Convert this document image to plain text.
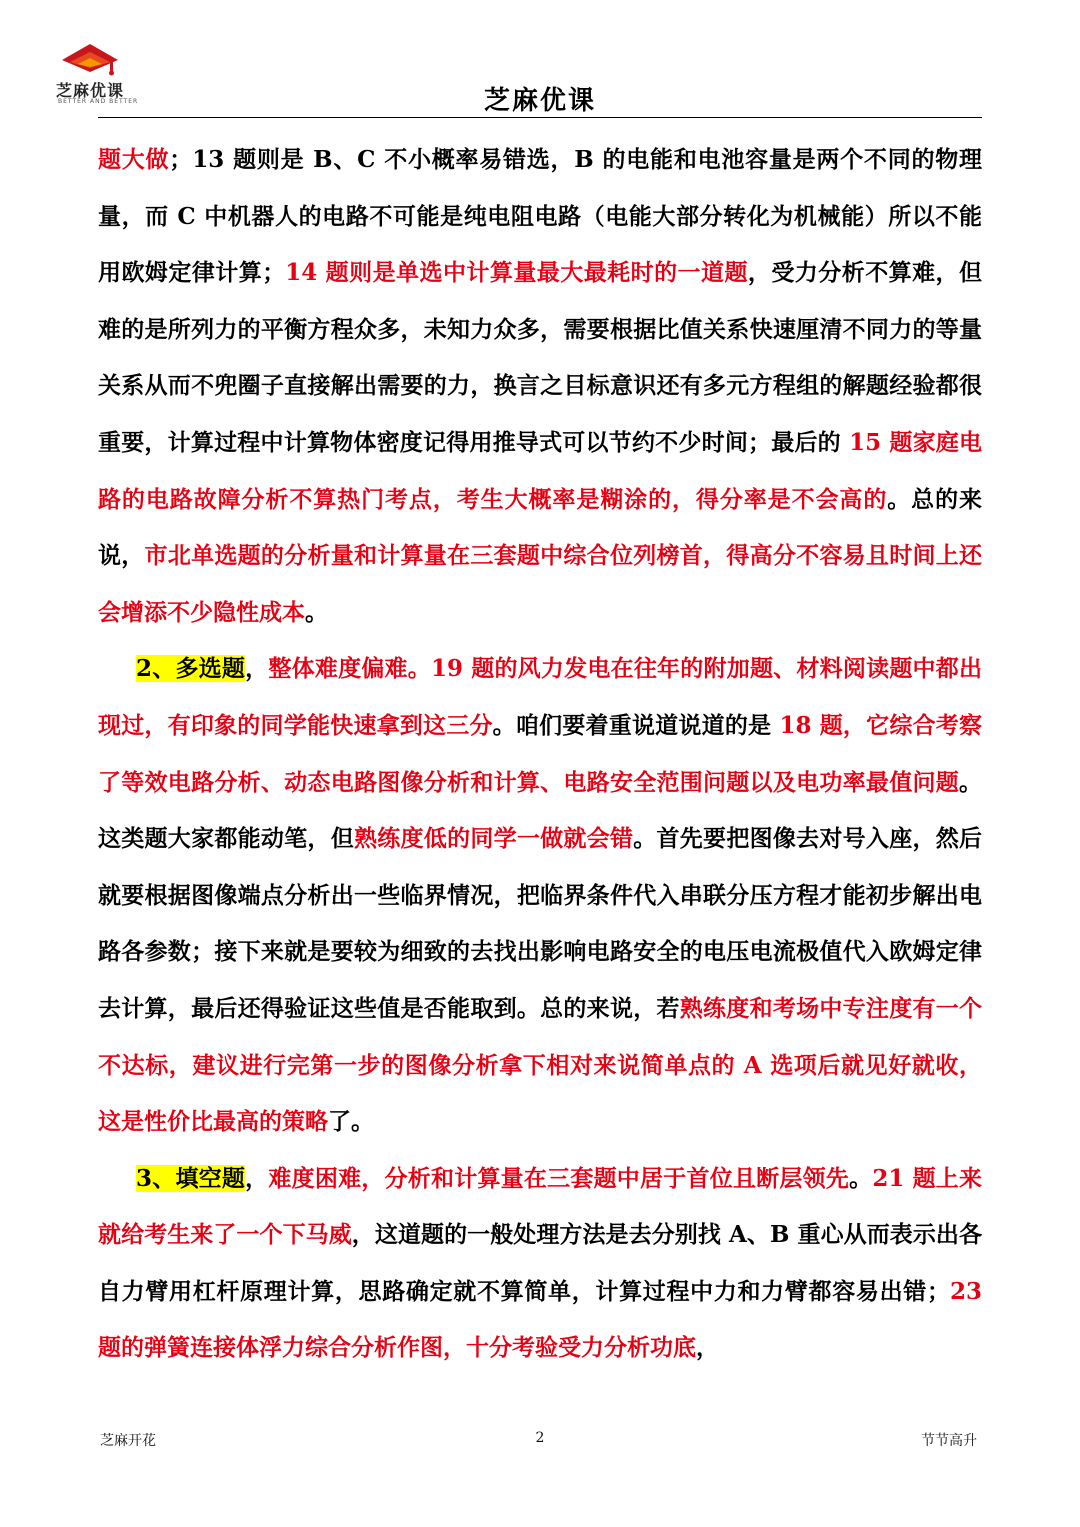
芝麻优课
BETTER AND BETTER	芝麻优课

题大做；13 题则是 B、C 不小概率易错选，B 的电能和电池容量是两个不同的物理量，而 C 中机器人的电路不可能是纯电阻电路（电能大部分转化为机械能）所以不能用欧姆定律计算；14 题则是单选中计算量最大最耗时的一道题，受力分析不算难，但难的是所列力的平衡方程众多，未知力众多，需要根据比值关系快速厘清不同力的等量关系从而不兜圈子直接解出需要的力，换言之目标意识还有多元方程组的解题经验都很重要，计算过程中计算物体密度记得用推导式可以节约不少时间；最后的 15 题家庭电路的电路故障分析不算热门考点，考生大概率是糊涂的，得分率是不会高的。总的来说，市北单选题的分析量和计算量在三套题中综合位列榜首，得高分不容易且时间上还会增添不少隐性成本。

2、多选题，整体难度偏难。19 题的风力发电在往年的附加题、材料阅读题中都出现过，有印象的同学能快速拿到这三分。咱们要着重说道说道的是 18 题，它综合考察了等效电路分析、动态电路图像分析和计算、电路安全范围问题以及电功率最值问题。这类题大家都能动笔，但熟练度低的同学一做就会错。首先要把图像去对号入座，然后就要根据图像端点分析出一些临界情况，把临界条件代入串联分压方程才能初步解出电路各参数；接下来就是要较为细致的去找出影响电路安全的电压电流极值代入欧姆定律去计算，最后还得验证这些值是否能取到。总的来说，若熟练度和考场中专注度有一个不达标，建议进行完第一步的图像分析拿下相对来说简单点的 A 选项后就见好就收，这是性价比最高的策略了。

3、填空题，难度困难，分析和计算量在三套题中居于首位且断层领先。21 题上来就给考生来了一个下马威，这道题的一般处理方法是去分别找 A、B 重心从而表示出各自力臂用杠杆原理计算，思路确定就不算简单，计算过程中力和力臂都容易出错；23 题的弹簧连接体浮力综合分析作图，十分考验受力分析功底，

芝麻开花	2	节节高升
